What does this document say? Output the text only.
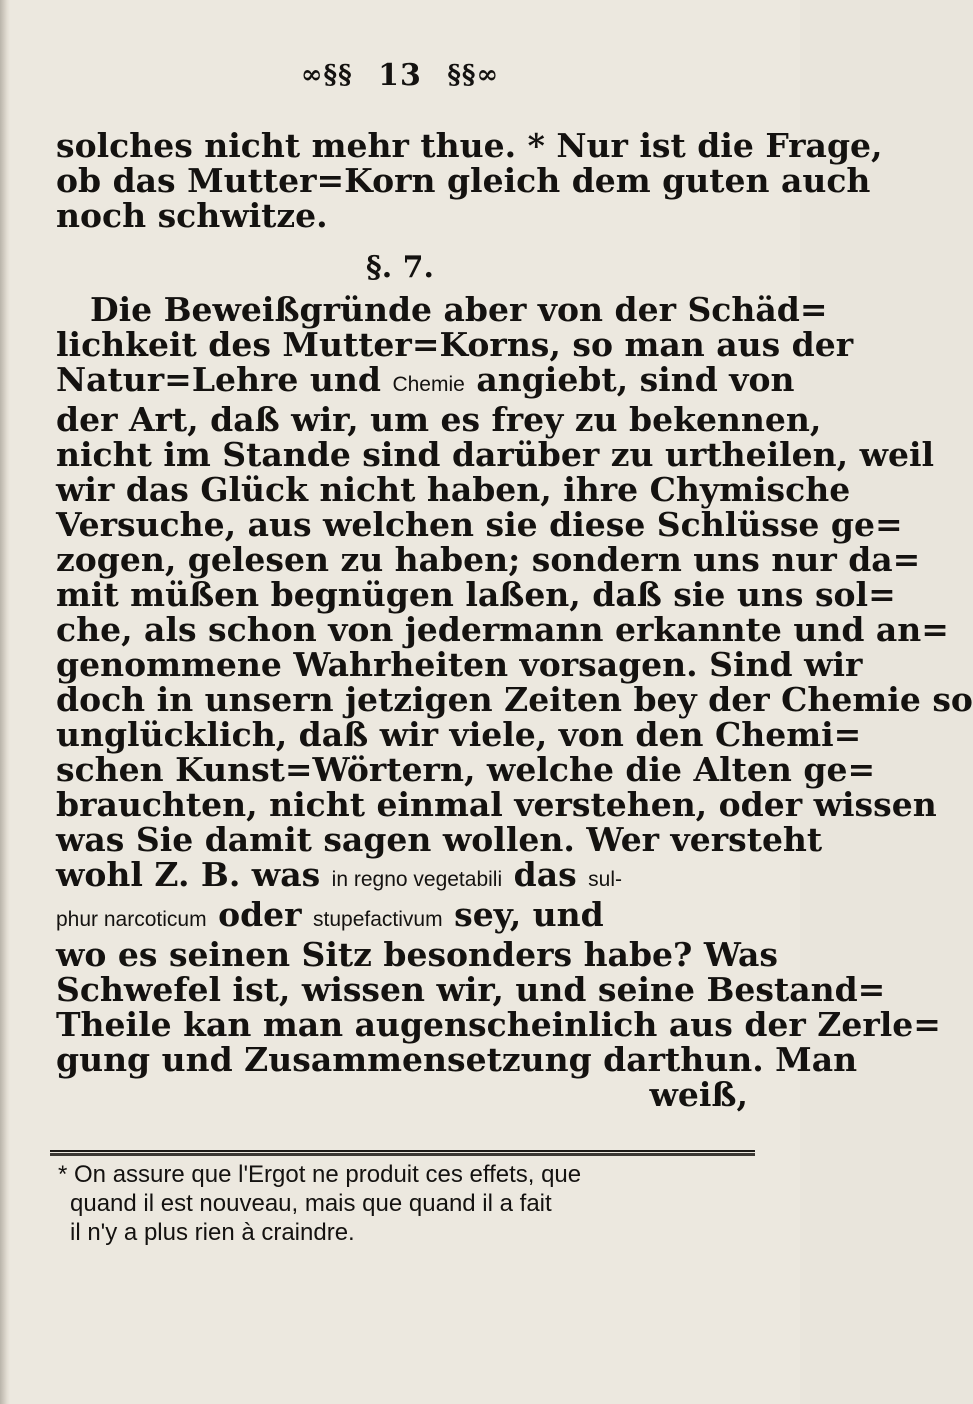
∞§§ 13 §§∞
solches nicht mehr thue. * Nur ist die Frage,
ob das Mutter=Korn gleich dem guten auch
noch schwitze.
§. 7.
Die Beweißgründe aber von der Schäd=
lichkeit des Mutter=Korns, so man aus der
Natur=Lehre und Chemie angiebt, sind von
der Art, daß wir, um es frey zu bekennen,
nicht im Stande sind darüber zu urtheilen, weil
wir das Glück nicht haben, ihre Chymische
Versuche, aus welchen sie diese Schlüsse ge=
zogen, gelesen zu haben; sondern uns nur da=
mit müßen begnügen laßen, daß sie uns sol=
che, als schon von jedermann erkannte und an=
genommene Wahrheiten vorsagen. Sind wir
doch in unsern jetzigen Zeiten bey der Chemie so
unglücklich, daß wir viele, von den Chemi=
schen Kunst=Wörtern, welche die Alten ge=
brauchten, nicht einmal verstehen, oder wissen
was Sie damit sagen wollen. Wer versteht
wohl Z. B. was in regno vegetabili das sul-
phur narcoticum oder stupefactivum sey, und
wo es seinen Sitz besonders habe? Was
Schwefel ist, wissen wir, und seine Bestand=
Theile kan man augenscheinlich aus der Zerle=
gung und Zusammensetzung darthun. Man
weiß,
* On assure que l'Ergot ne produit ces effets, que
quand il est nouveau, mais que quand il a fait
il n'y a plus rien à craindre.
